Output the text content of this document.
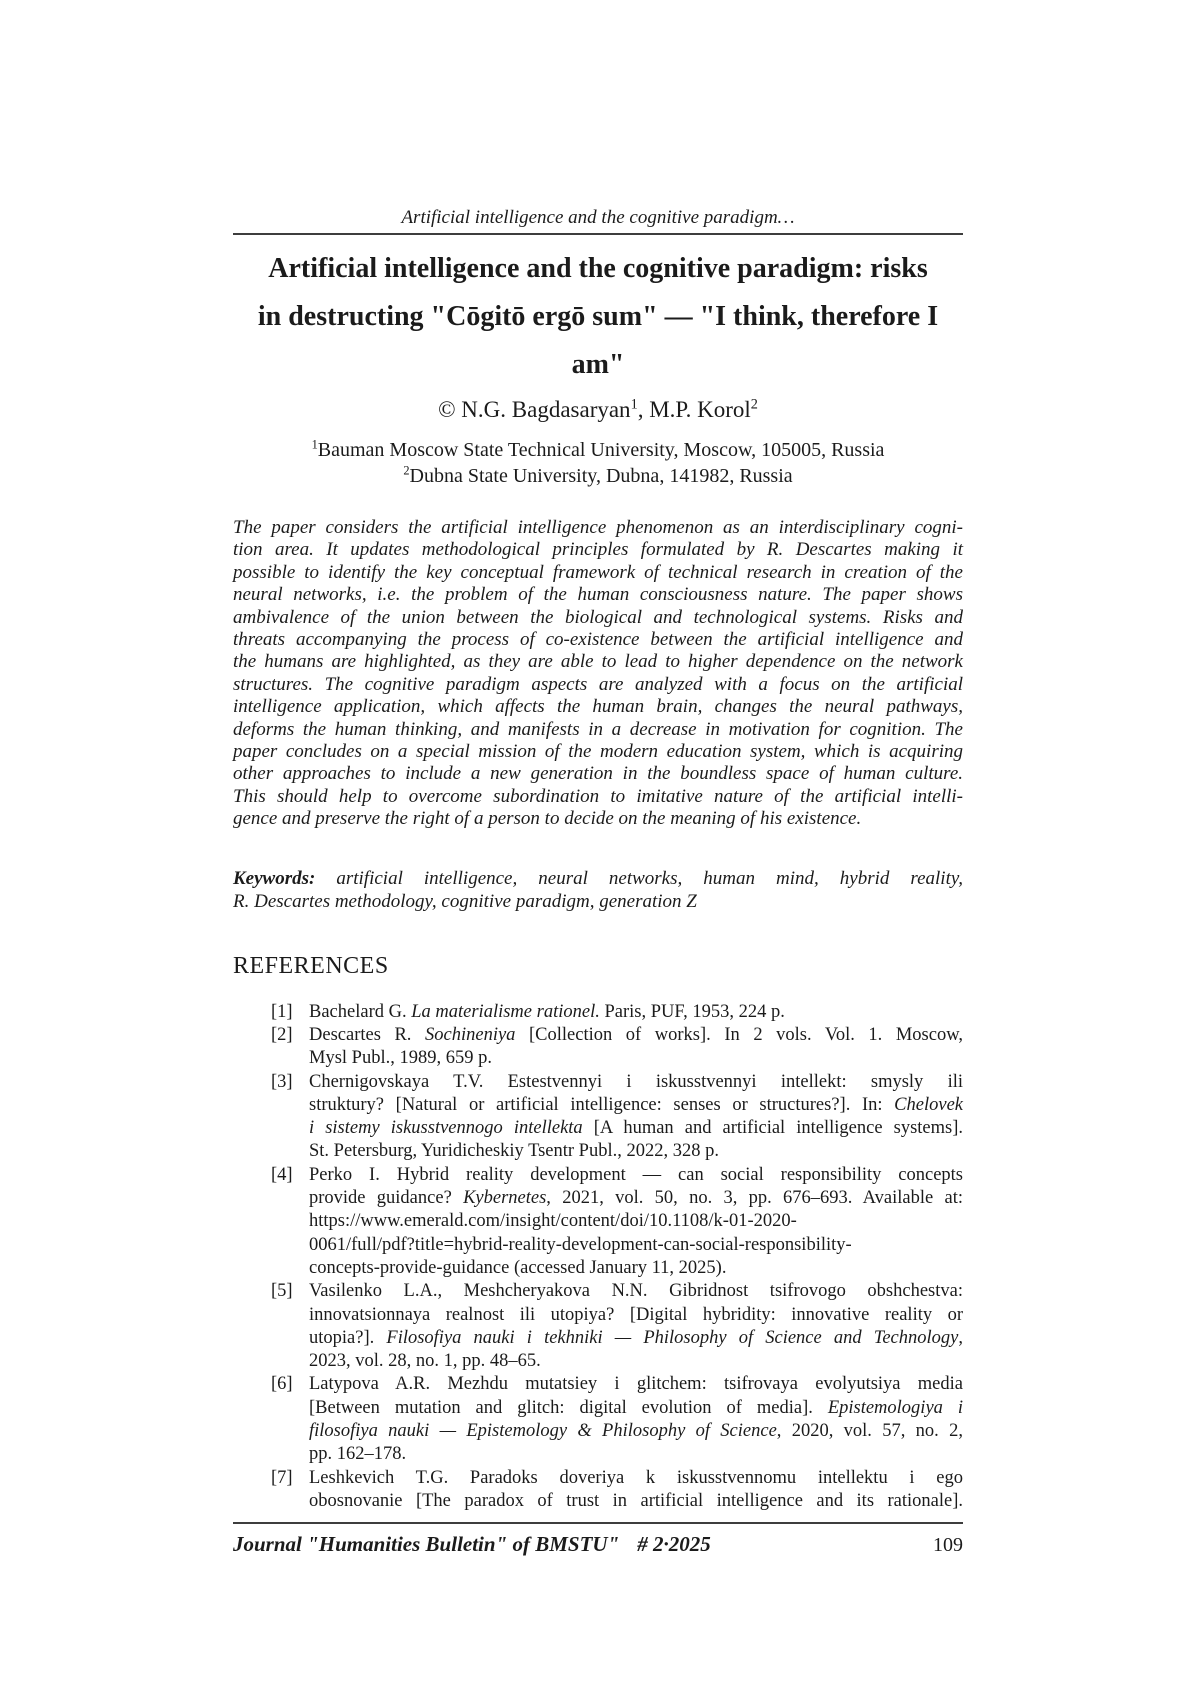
Artificial intelligence and the cognitive paradigm…
Artificial intelligence and the cognitive paradigm: risks
in destructing "Cōgitō ergō sum" — "I think, therefore I am"
© N.G. Bagdasaryan$^1$, M.P. Korol$^2$
$^1$Bauman Moscow State Technical University, Moscow, 105005, Russia
$^2$Dubna State University, Dubna, 141982, Russia
The paper considers the artificial intelligence phenomenon as an interdisciplinary cogni-
tion area. It updates methodological principles formulated by R. Descartes making it
possible to identify the key conceptual framework of technical research in creation of the
neural networks, i.e. the problem of the human consciousness nature. The paper shows
ambivalence of the union between the biological and technological systems. Risks and
threats accompanying the process of co-existence between the artificial intelligence and
the humans are highlighted, as they are able to lead to higher dependence on the network
structures. The cognitive paradigm aspects are analyzed with a focus on the artificial
intelligence application, which affects the human brain, changes the neural pathways,
deforms the human thinking, and manifests in a decrease in motivation for cognition. The
paper concludes on a special mission of the modern education system, which is acquiring
other approaches to include a new generation in the boundless space of human culture.
This should help to overcome subordination to imitative nature of the artificial intelli-
gence and preserve the right of a person to decide on the meaning of his existence.
Keywords: artificial intelligence, neural networks, human mind, hybrid reality,
R. Descartes methodology, cognitive paradigm, generation Z
REFERENCES
[1] Bachelard G. La materialisme rationel. Paris, PUF, 1953, 224 p.
[2] Descartes R. Sochineniya [Collection of works]. In 2 vols. Vol. 1. Moscow,
Mysl Publ., 1989, 659 p.
[3] Chernigovskaya T.V. Estestvennyi i iskusstvennyi intellekt: smysly ili
struktury? [Natural or artificial intelligence: senses or structures?]. In: Chelovek
i sistemy iskusstvennogo intellekta [A human and artificial intelligence systems].
St. Petersburg, Yuridicheskiy Tsentr Publ., 2022, 328 p.
[4] Perko I. Hybrid reality development — can social responsibility concepts
provide guidance? Kybernetes, 2021, vol. 50, no. 3, pp. 676–693. Available at:
https://www.emerald.com/insight/content/doi/10.1108/k-01-2020-
0061/full/pdf?title=hybrid-reality-development-can-social-responsibility-
concepts-provide-guidance (accessed January 11, 2025).
[5] Vasilenko L.A., Meshcheryakova N.N. Gibridnost tsifrovogo obshchestva:
innovatsionnaya realnost ili utopiya? [Digital hybridity: innovative reality or
utopia?]. Filosofiya nauki i tekhniki — Philosophy of Science and Technology,
2023, vol. 28, no. 1, pp. 48–65.
[6] Latypova A.R. Mezhdu mutatsiey i glitchem: tsifrovaya evolyutsiya media
[Between mutation and glitch: digital evolution of media]. Epistemologiya i
filosofiya nauki — Epistemology & Philosophy of Science, 2020, vol. 57, no. 2,
pp. 162–178.
[7] Leshkevich T.G. Paradoks doveriya k iskusstvennomu intellektu i ego
obosnovanie [The paradox of trust in artificial intelligence and its rationale].
Journal "Humanities Bulletin" of BMSTU" # 2·2025	109
